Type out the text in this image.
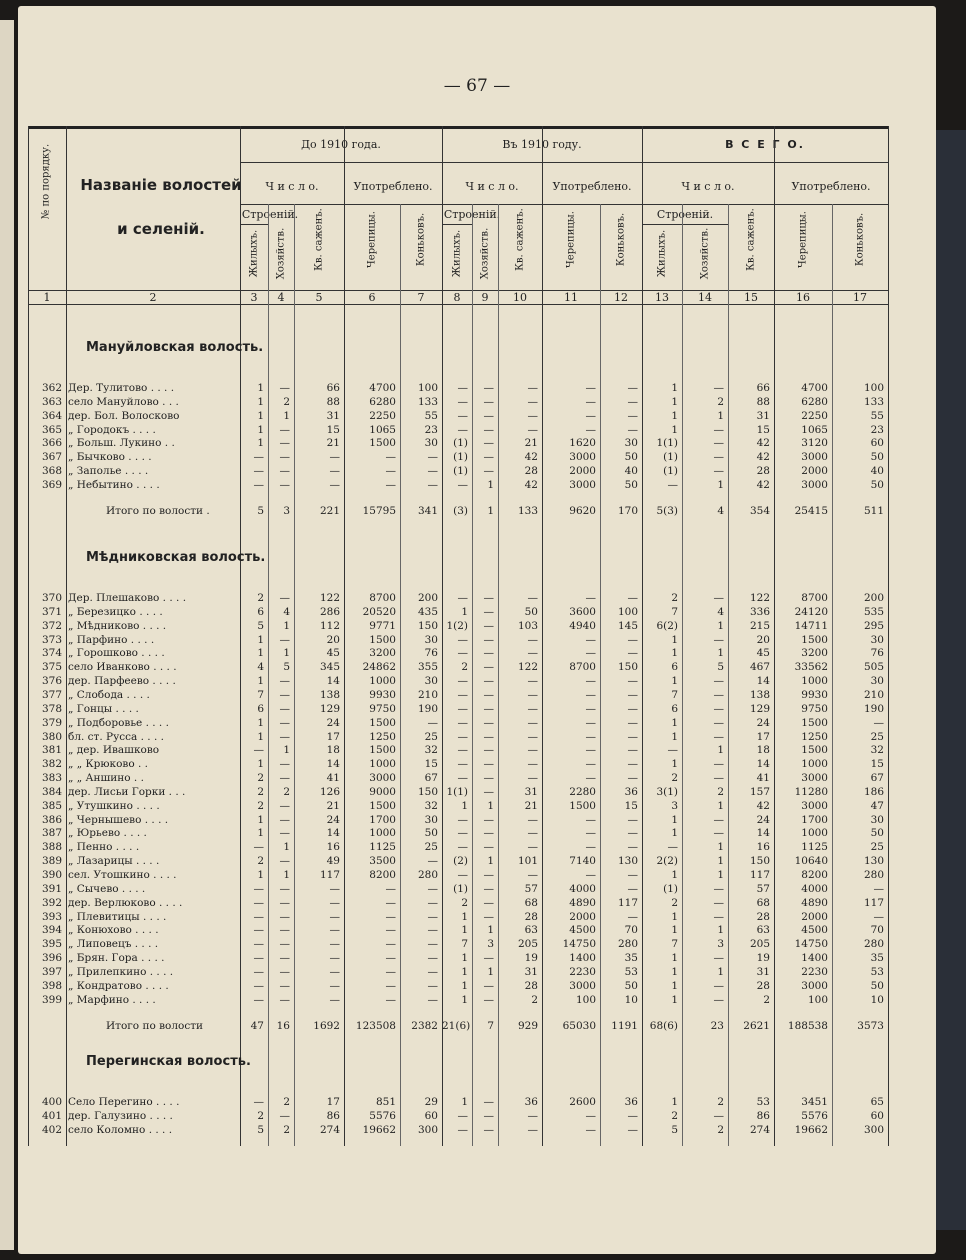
— 67 —
№ по порядку. Названіе волостей
и селеній.
До 1910 года.	Въ 1910 году.	В С Е Г О.
Ч и с л о.	Употреблено.	Ч и с л о.	Употреблено.	Ч и с л о.	Употреблено.
Строеній.	Строеній.	Строеній.
Жилыхъ. Хозяйств.	Кв. саженъ.	Черепицы.	Коньковъ.	Жилыхъ. Хозяйств. Кв. саженъ.	Черепицы.	Коньковъ.	Жилыхъ.	Хозяйств.	Кв. саженъ.	Черепицы.	Коньковъ.
1	2	3	4	5	6	7	8	9	10	11	12	13	14	15	16	17
Мануйловская волость.
362 Дер. Тулитово . . . .	1	—	66	4700	100	—	—	—	—	—	1	—	66	4700	100
363 село Мануйлово . . .	1	2	88	6280	133	—	—	—	—	—	1	2	88	6280	133
364 дер. Бол. Волосково	1	1	31	2250	55	—	—	—	—	—	1	1	31	2250	55
365 „ Городокъ . . . .	1	—	15	1065	23	—	—	—	—	—	1	—	15	1065	23
366 „ Больш. Лукино . .	1	—	21	1500	30	(1)	—	21	1620	30	1(1)	—	42	3120	60
367 „ Бычково . . . .	—	—	—	—	—	(1)	—	42	3000	50	(1)	—	42	3000	50
368 „ Заполье . . . .	—	—	—	—	—	(1)	—	28	2000	40	(1)	—	28	2000	40
369 „ Небытино . . . .	—	—	—	—	—	—	1	42	3000	50	—	1	42	3000	50
Итого по волости .	5	3	221	15795	341	(3)	1	133	9620	170	5(3)	4	354	25415	511
Мѣдниковская волость.
370 Дер. Плешаково . . . .	2	—	122	8700	200	—	—	—	—	—	2	—	122	8700	200
371 „ Березицко . . . .	6	4	286	20520	435	1	—	50	3600	100	7	4	336	24120	535
372 „ Мѣдниково . . . .	5	1	112	9771	150 1(2)	—	103	4940	145	6(2)	1	215	14711	295
373 „ Парфино . . . .	1	—	20	1500	30	—	—	—	—	—	1	—	20	1500	30
374 „ Горошково . . . .	1	1	45	3200	76	—	—	—	—	—	1	1	45	3200	76
375 село Иванково . . . .	4	5	345	24862	355	2	—	122	8700	150	6	5	467	33562	505
376 дер. Парфеево . . . .	1	—	14	1000	30	—	—	—	—	—	1	—	14	1000	30
377 „ Слобода . . . .	7	—	138	9930	210	—	—	—	—	—	7	—	138	9930	210
378 „ Гонцы . . . .	6	—	129	9750	190	—	—	—	—	—	6	—	129	9750	190
379 „ Подборовье . . . .	1	—	24	1500	—	—	—	—	—	—	1	—	24	1500	—
380 бл. ст. Русса . . . .	1	—	17	1250	25	—	—	—	—	—	1	—	17	1250	25
381 „ дер. Ивашково	—	1	18	1500	32	—	—	—	—	—	—	1	18	1500	32
382 „ „ Крюково . .	1	—	14	1000	15	—	—	—	—	—	1	—	14	1000	15
383 „ „ Аншино . .	2	—	41	3000	67	—	—	—	—	—	2	—	41	3000	67
384 дер. Лисьи Горки . . .	2	2	126	9000	150 1(1)	—	31	2280	36	3(1)	2	157	11280	186
385 „ Утушкино . . . .	2	—	21	1500	32	1	1	21	1500	15	3	1	42	3000	47
386 „ Чернышево . . . .	1	—	24	1700	30	—	—	—	—	—	1	—	24	1700	30
387 „ Юрьево . . . .	1	—	14	1000	50	—	—	—	—	—	1	—	14	1000	50
388 „ Пенно . . . .	—	1	16	1125	25	—	—	—	—	—	—	1	16	1125	25
389 „ Лазарицы . . . .	2	—	49	3500	—	(2)	1	101	7140	130	2(2)	1	150	10640	130
390 сел. Утошкино . . . .	1	1	117	8200	280	—	—	—	—	—	1	1	117	8200	280
391 „ Сычево . . . .	—	—	—	—	—	(1)	—	57	4000	—	(1)	—	57	4000	—
392 дер. Верлюково . . . .	—	—	—	—	—	2	—	68	4890	117	2	—	68	4890	117
393 „ Плевитицы . . . .	—	—	—	—	—	1	—	28	2000	—	1	—	28	2000	—
394 „ Конюхово . . . .	—	—	—	—	—	1	1	63	4500	70	1	1	63	4500	70
395 „ Липовецъ . . . .	—	—	—	—	—	7	3	205	14750	280	7	3	205	14750	280
396 „ Брян. Гора . . . .	—	—	—	—	—	1	—	19	1400	35	1	—	19	1400	35
397 „ Прилепкино . . . .	—	—	—	—	—	1	1	31	2230	53	1	1	31	2230	53
398 „ Кондратово . . . .	—	—	—	—	—	1	—	28	3000	50	1	—	28	3000	50
399 „ Марфино . . . .	—	—	—	—	—	1	—	2	100	10	1	—	2	100	10
Итого по волости	47	16	1692	123508	2382 21(6)	7	929	65030	1191	68(6)	23	2621	188538	3573
Перегинская волость.
400 Село Перегино . . . .	—	2	17	851	29	1	—	36	2600	36	1	2	53	3451	65
401 дер. Галузино . . . .	2	—	86	5576	60	—	—	—	—	—	2	—	86	5576	60
402 село Коломно . . . .	5	2	274	19662	300	—	—	—	—	—	5	2	274	19662	300
